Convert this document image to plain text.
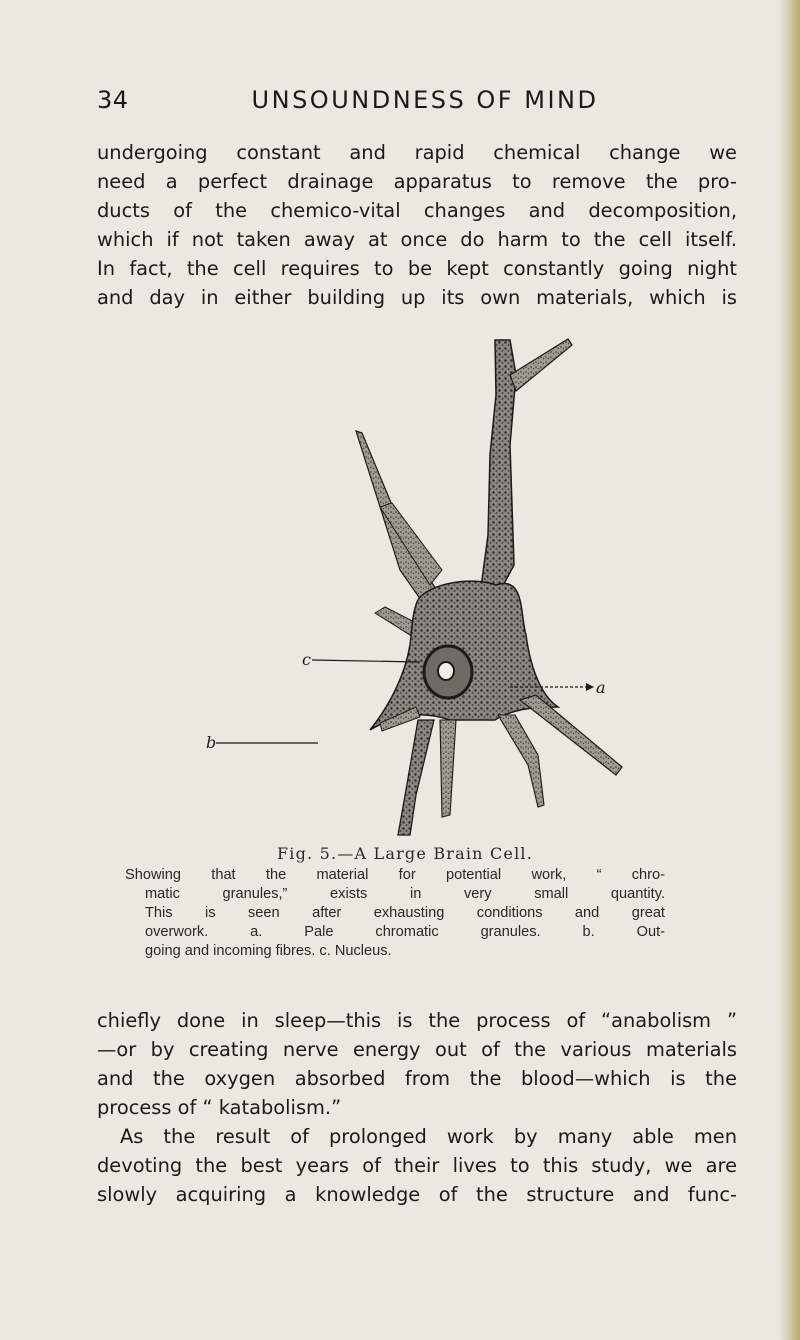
34	UNSOUNDNESS OF MIND

undergoing constant and rapid chemical change we
need a perfect drainage apparatus to remove the pro-
ducts of the chemico-vital changes and decomposition,
which if not taken away at once do harm to the cell itself.
In fact, the cell requires to be kept constantly going night
and day in either building up its own materials, which is

c
a
b
Fig. 5.—A Large Brain Cell.
Showing that the material for potential work, “ chro-
matic granules,” exists in very small quantity.
This is seen after exhausting conditions and great
overwork. a. Pale chromatic granules. b. Out-
going and incoming fibres. c. Nucleus.

chiefly done in sleep—this is the process of “anabolism ”
—or by creating nerve energy out of the various materials
and the oxygen absorbed from the blood—which is the
process of “ katabolism.”

As the result of prolonged work by many able men
devoting the best years of their lives to this study, we are
slowly acquiring a knowledge of the structure and func-
